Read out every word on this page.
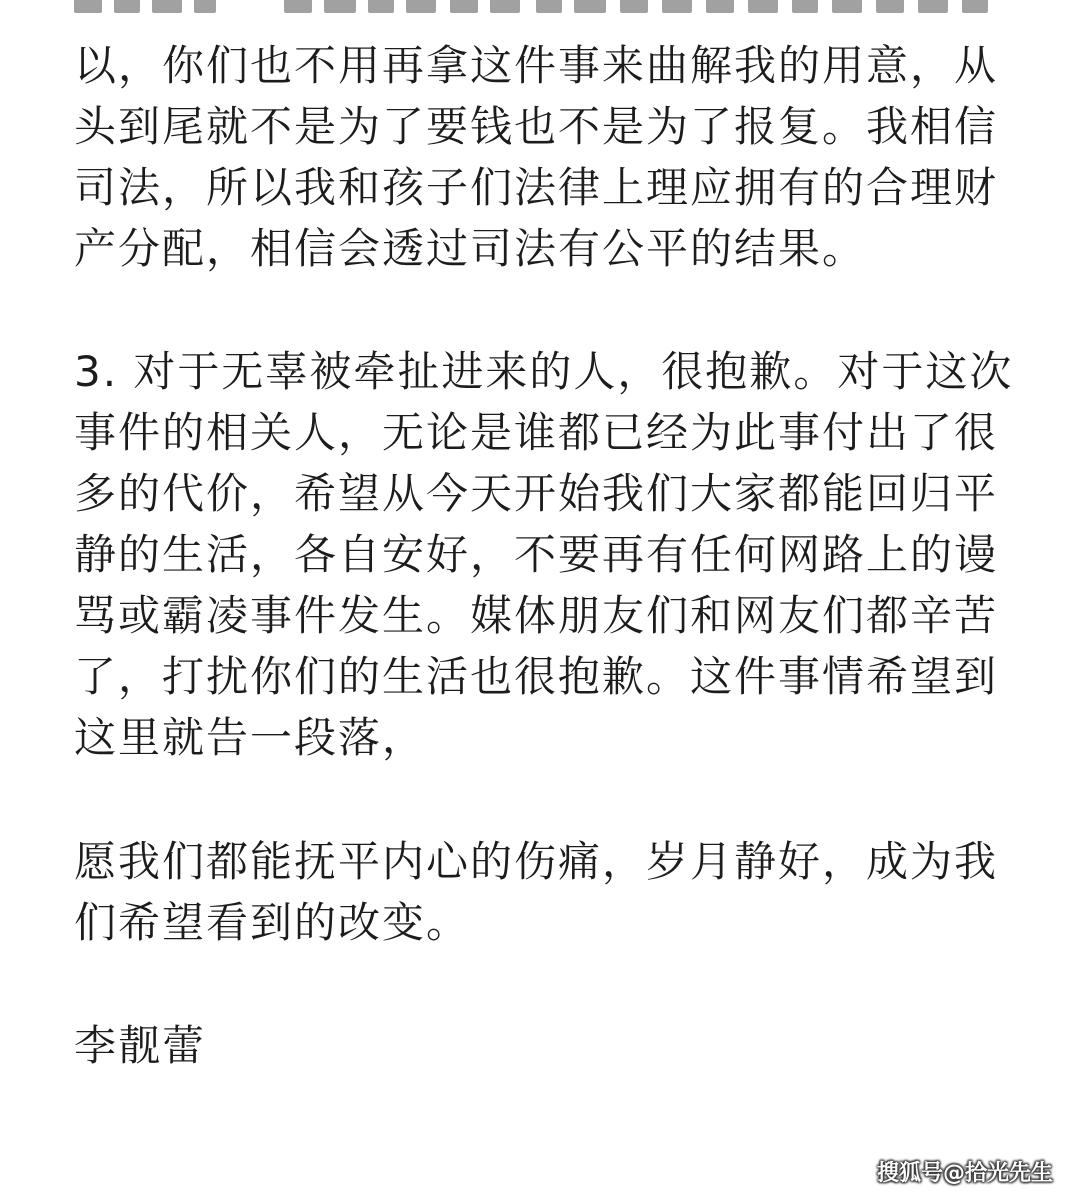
以，你们也不用再拿这件事来曲解我的用意，从
头到尾就不是为了要钱也不是为了报复。我相信
司法，所以我和孩子们法律上理应拥有的合理财
产分配，相信会透过司法有公平的结果。
3. 对于无辜被牵扯进来的人，很抱歉。对于这次
事件的相关人，无论是谁都已经为此事付出了很
多的代价，希望从今天开始我们大家都能回归平
静的生活，各自安好，不要再有任何网路上的谩
骂或霸凌事件发生。媒体朋友们和网友们都辛苦
了，打扰你们的生活也很抱歉。这件事情希望到
这里就告一段落，
愿我们都能抚平内心的伤痛，岁月静好，成为我
们希望看到的改变。
李靓蕾
搜狐号@拾光先生
